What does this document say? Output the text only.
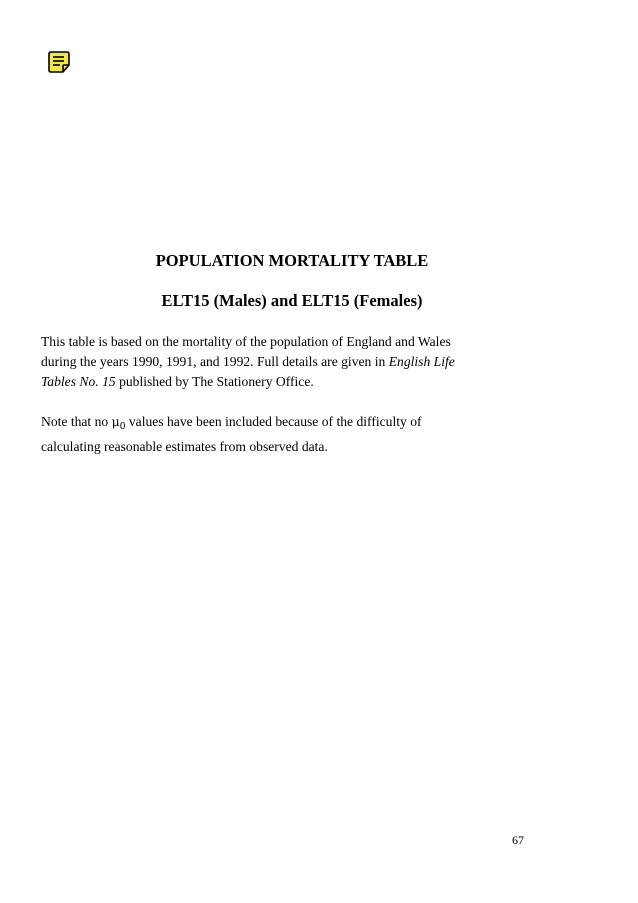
POPULATION MORTALITY TABLE
ELT15 (Males) and ELT15 (Females)

This table is based on the mortality of the population of England and Wales
during the years 1990, 1991, and 1992. Full details are given in English Life
Tables No. 15 published by The Stationery Office.

Note that no $\mu_0$ values have been included because of the difficulty of
calculating reasonable estimates from observed data.

67
